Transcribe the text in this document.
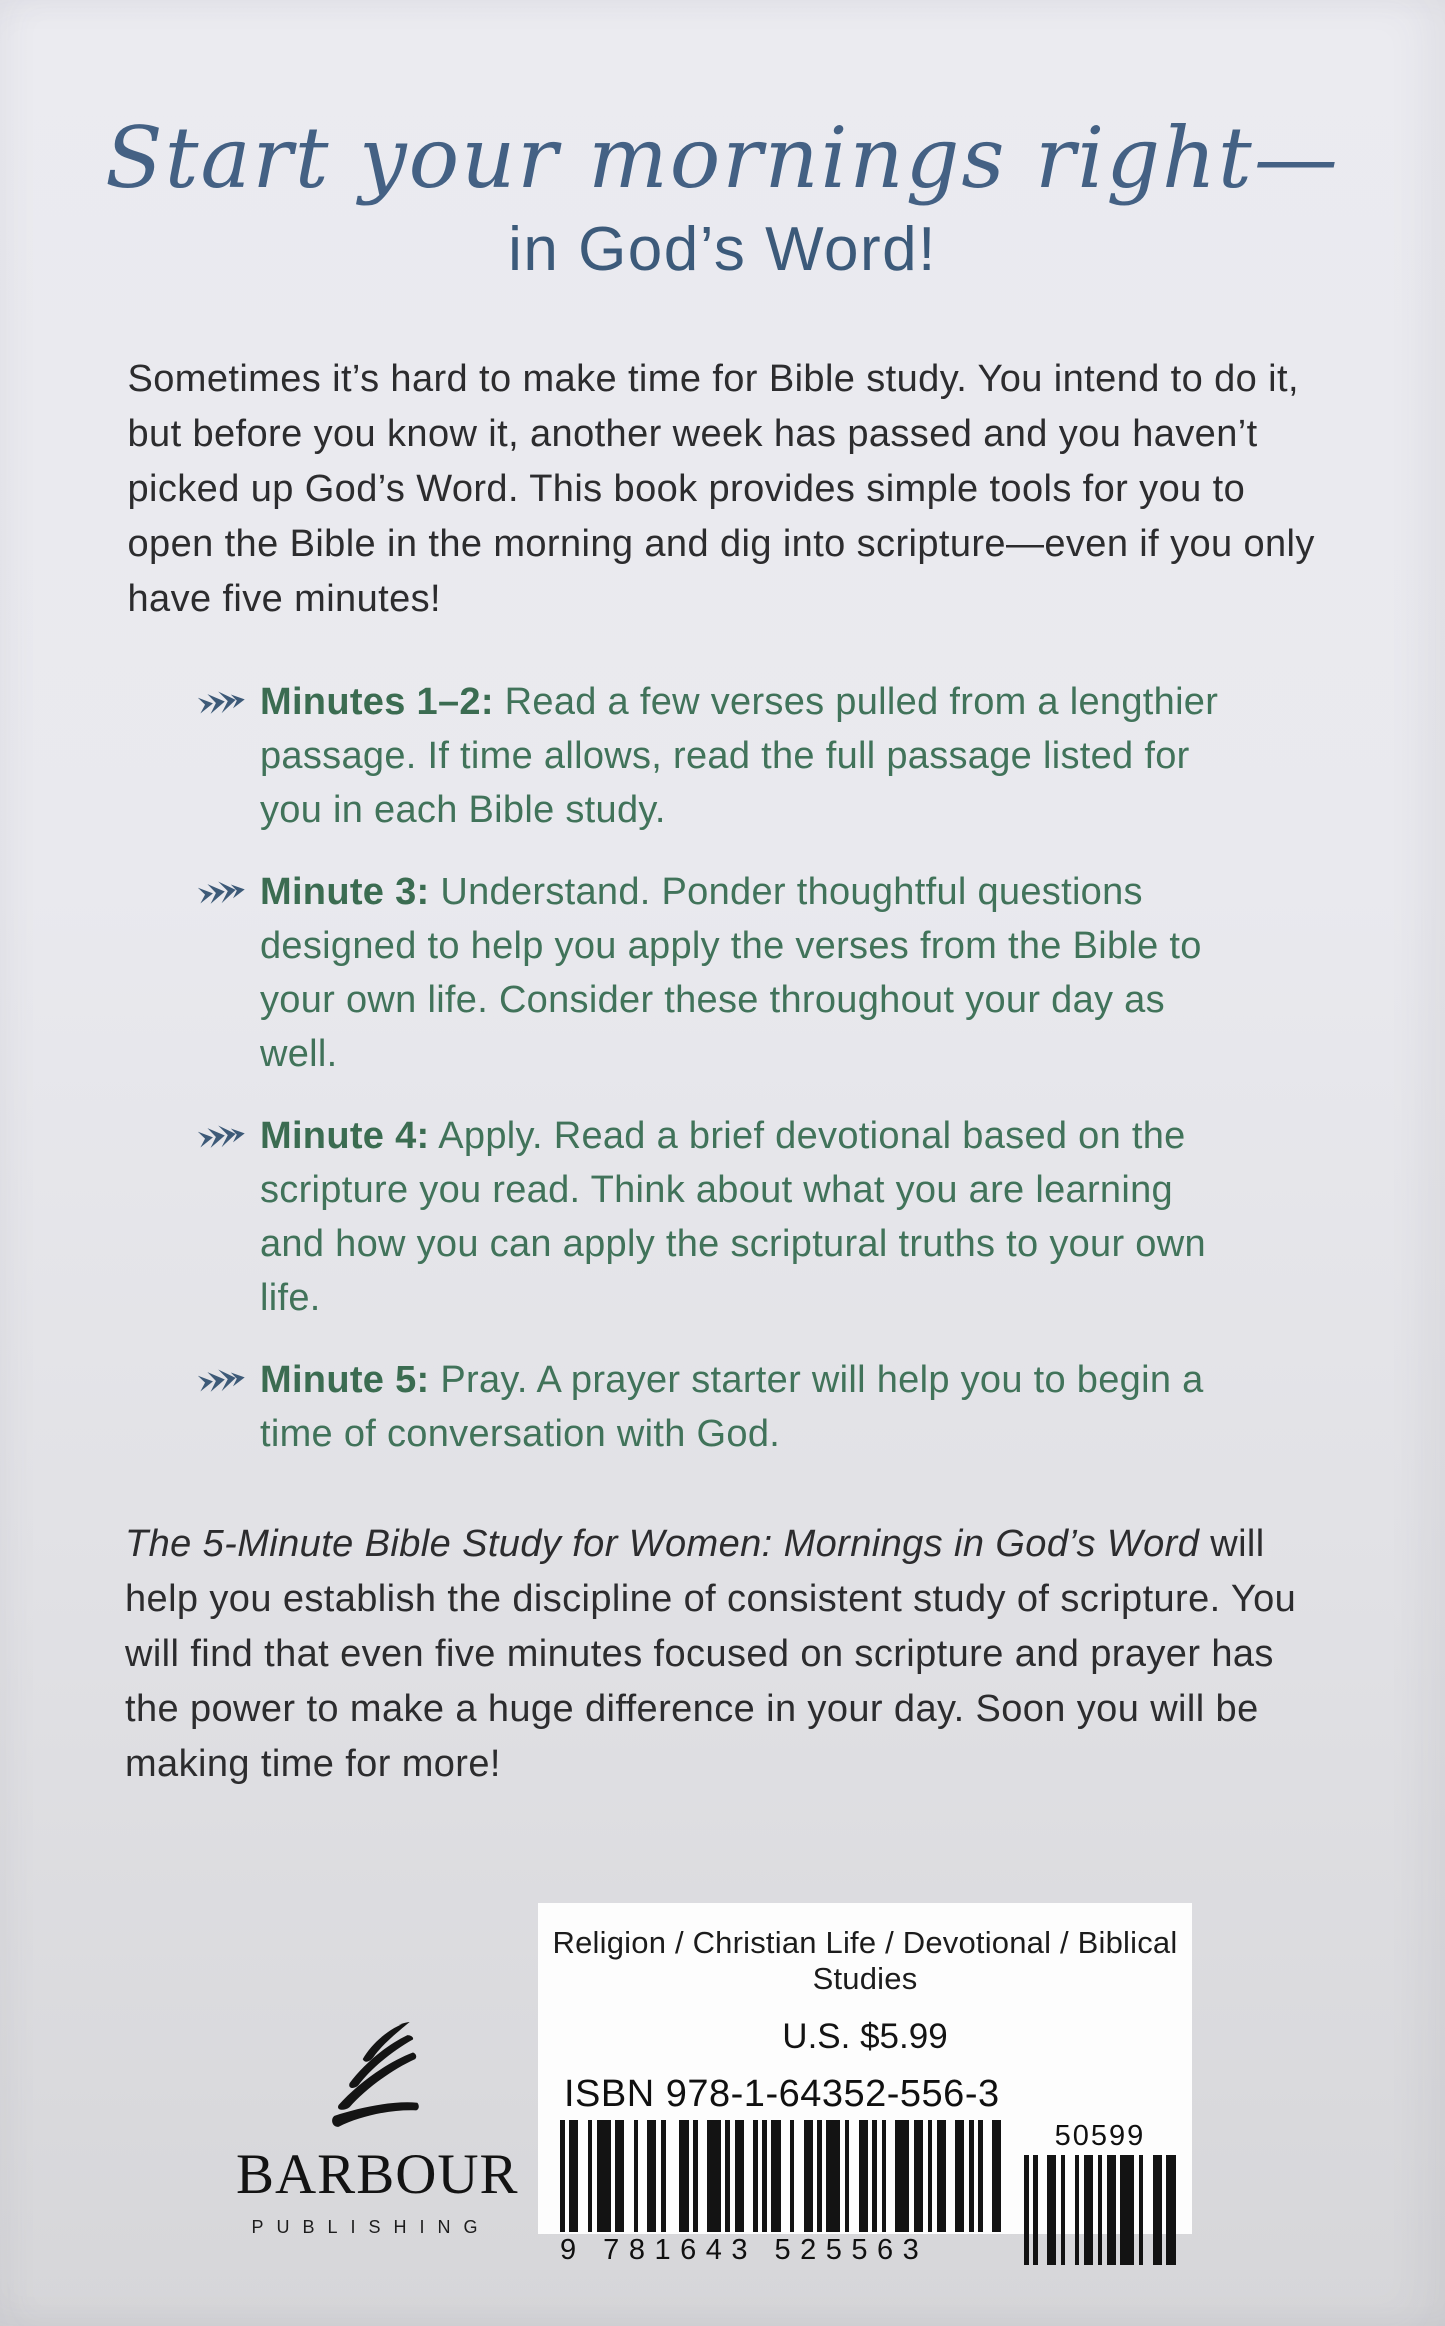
Start your mornings right—
in God’s Word!

Sometimes it’s hard to make time for Bible study. You intend to do it, but before you know it, another week has passed and you haven’t picked up God’s Word. This book provides simple tools for you to open the Bible in the morning and dig into scripture—even if you only have five minutes!

Minutes 1–2: Read a few verses pulled from a lengthier passage. If time allows, read the full passage listed for you in each Bible study.

Minute 3: Understand. Ponder thoughtful questions designed to help you apply the verses from the Bible to your own life. Consider these throughout your day as well.

Minute 4: Apply. Read a brief devotional based on the scripture you read. Think about what you are learning and how you can apply the scriptural truths to your own life.

Minute 5: Pray. A prayer starter will help you to begin a time of conversation with God.

The 5-Minute Bible Study for Women: Mornings in God’s Word will help you establish the discipline of consistent study of scripture. You will find that even five minutes focused on scripture and prayer has the power to make a huge difference in your day. Soon you will be making time for more!

BARBOUR
PUBLISHING
Religion / Christian Life / Devotional / Biblical Studies
U.S. $5.99
ISBN 978-1-64352-556-3
9 781643 525563
50599
